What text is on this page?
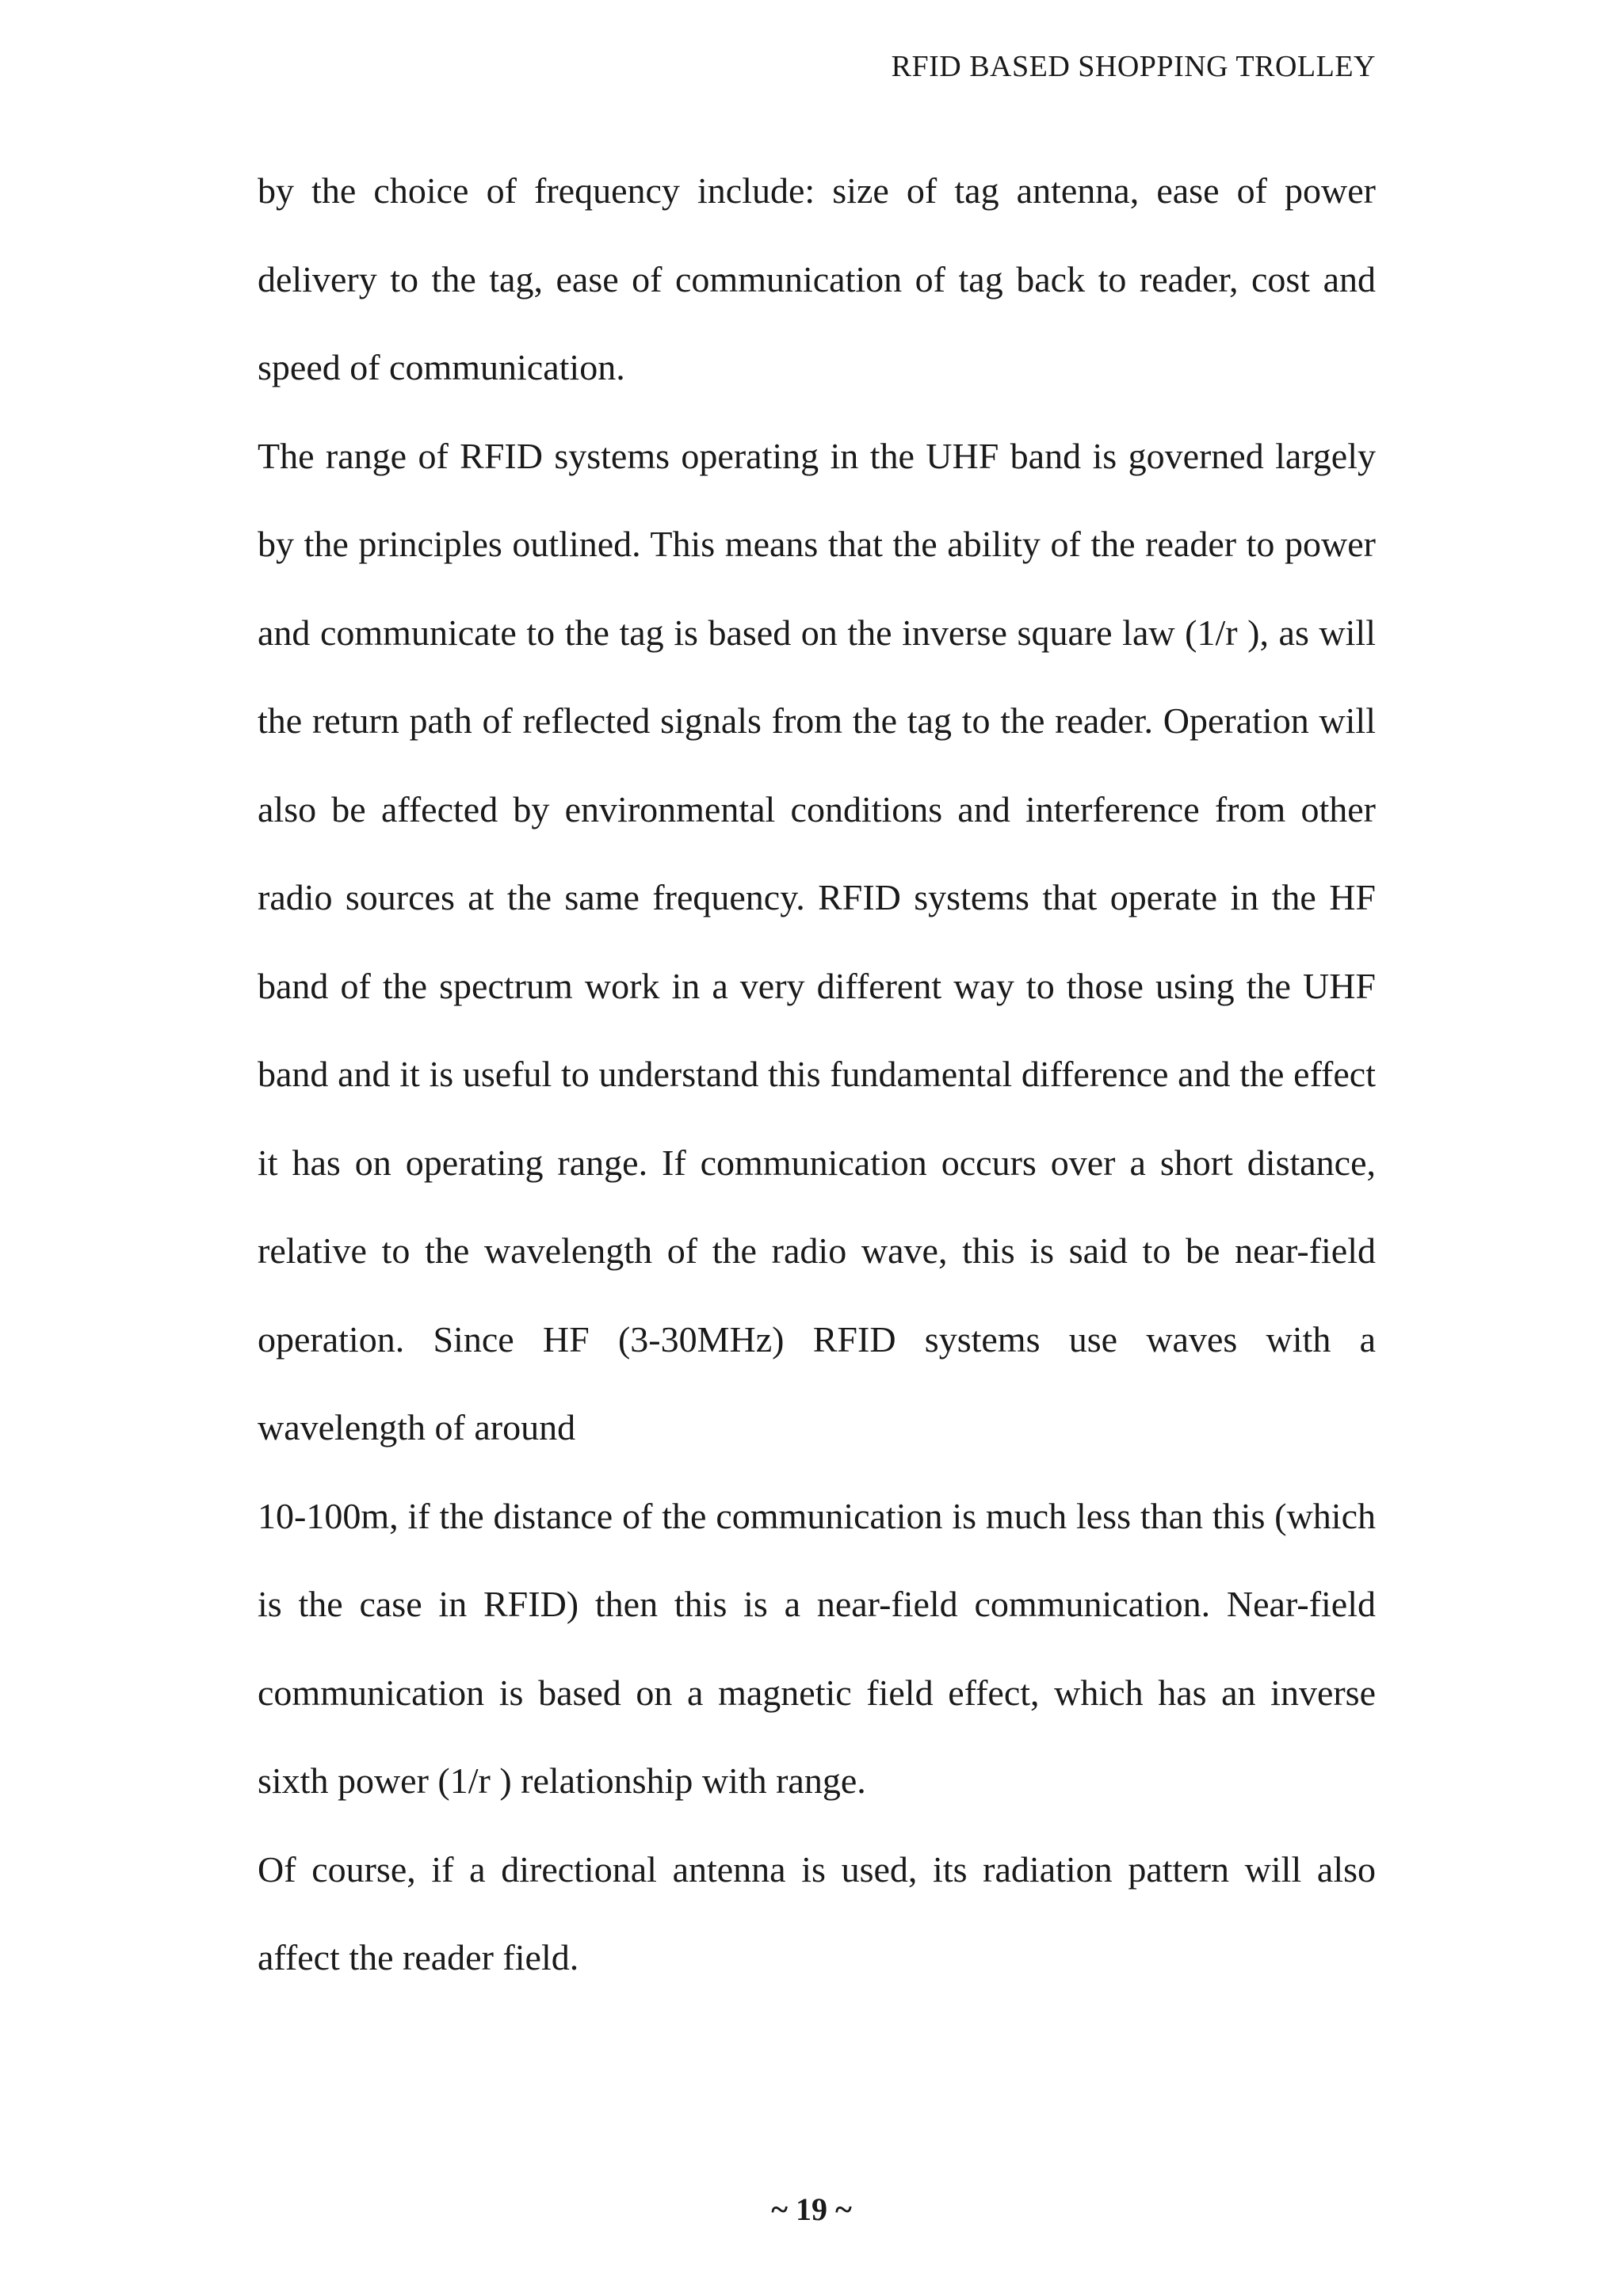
RFID BASED SHOPPING TROLLEY

by the choice of frequency include: size of tag antenna, ease of power delivery to the tag, ease of communication of tag back to reader, cost and speed of communication.

The range of RFID systems operating in the UHF band is governed largely by the principles outlined. This means that the ability of the reader to power and communicate to the tag is based on the inverse square law (1/r ), as will the return path of reflected signals from the tag to the reader. Operation will also be affected by environmental conditions and interference from other radio sources at the same frequency. RFID systems that operate in the HF band of the spectrum work in a very different way to those using the UHF band and it is useful to understand this fundamental difference and the effect it has on operating range. If communication occurs over a short distance, relative to the wavelength of the radio wave, this is said to be near-field operation. Since HF (3-30MHz) RFID systems use waves with a wavelength of around

10-100m, if the distance of the communication is much less than this (which is the case in RFID) then this is a near-field communication. Near-field communication is based on a magnetic field effect, which has an inverse sixth power (1/r ) relationship with range.

Of course, if a directional antenna is used, its radiation pattern will also affect the reader field.

~ 19 ~
